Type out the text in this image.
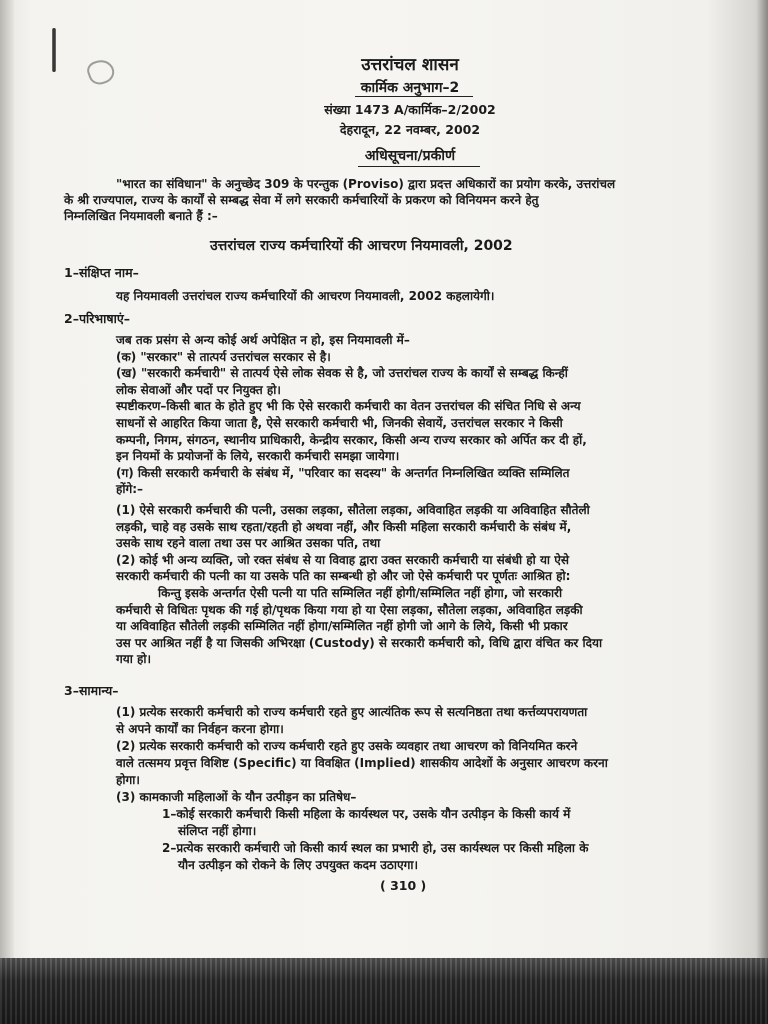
उत्तरांचल शासन
कार्मिक अनुभाग–2
संख्या 1473 A/कार्मिक–2/2002
देहरादून, 22 नवम्बर, 2002
अधिसूचना/प्रकीर्ण
"भारत का संविधान" के अनुच्छेद 309 के परन्तुक (Proviso) द्वारा प्रदत्त अधिकारों का प्रयोग करके, उत्तरांचल
के श्री राज्यपाल, राज्य के कार्यों से सम्बद्ध सेवा में लगे सरकारी कर्मचारियों के प्रकरण को विनियमन करने हेतु
निम्नलिखित नियमावली बनाते हैं :–
उत्तरांचल राज्य कर्मचारियों की आचरण नियमावली, 2002
1–संक्षिप्त नाम–
यह नियमावली उत्तरांचल राज्य कर्मचारियों की आचरण नियमावली, 2002 कहलायेगी।
2–परिभाषाएं–
जब तक प्रसंग से अन्य कोई अर्थ अपेक्षित न हो, इस नियमावली में–
(क) "सरकार" से तात्पर्य उत्तरांचल सरकार से है।
(ख) "सरकारी कर्मचारी" से तात्पर्य ऐसे लोक सेवक से है, जो उत्तरांचल राज्य के कार्यों से सम्बद्ध किन्हीं
लोक सेवाओं और पदों पर नियुक्त हो।
स्पष्टीकरण–किसी बात के होते हुए भी कि ऐसे सरकारी कर्मचारी का वेतन उत्तरांचल की संचित निधि से अन्य
साधनों से आहरित किया जाता है, ऐसे सरकारी कर्मचारी भी, जिनकी सेवायें, उत्तरांचल सरकार ने किसी
कम्पनी, निगम, संगठन, स्थानीय प्राधिकारी, केन्द्रीय सरकार, किसी अन्य राज्य सरकार को अर्पित कर दी हों,
इन नियमों के प्रयोजनों के लिये, सरकारी कर्मचारी समझा जायेगा।
(ग) किसी सरकारी कर्मचारी के संबंध में, "परिवार का सदस्य" के अन्तर्गत निम्नलिखित व्यक्ति सम्मिलित
होंगे:–
(1) ऐसे सरकारी कर्मचारी की पत्नी, उसका लड़का, सौतेला लड़का, अविवाहित लड़की या अविवाहित सौतेली
लड़की, चाहे वह उसके साथ रहता/रहती हो अथवा नहीं, और किसी महिला सरकारी कर्मचारी के संबंध में,
उसके साथ रहने वाला तथा उस पर आश्रित उसका पति, तथा
(2) कोई भी अन्य व्यक्ति, जो रक्त संबंध से या विवाह द्वारा उक्त सरकारी कर्मचारी या संबंधी हो या ऐसे
सरकारी कर्मचारी की पत्नी का या उसके पति का सम्बन्धी हो और जो ऐसे कर्मचारी पर पूर्णतः आश्रित हो:
किन्तु इसके अन्तर्गत ऐसी पत्नी या पति सम्मिलित नहीं होगी/सम्मिलित नहीं होगा, जो सरकारी
कर्मचारी से विधितः पृथक की गई हो/पृथक किया गया हो या ऐसा लड़का, सौतेला लड़का, अविवाहित लड़की
या अविवाहित सौतेली लड़की सम्मिलित नहीं होगा/सम्मिलित नहीं होगी जो आगे के लिये, किसी भी प्रकार
उस पर आश्रित नहीं है या जिसकी अभिरक्षा (Custody) से सरकारी कर्मचारी को, विधि द्वारा वंचित कर दिया
गया हो।
3–सामान्य–
(1) प्रत्येक सरकारी कर्मचारी को राज्य कर्मचारी रहते हुए आत्यंतिक रूप से सत्यनिष्ठता तथा कर्त्तव्यपरायणता
से अपने कार्यों का निर्वहन करना होगा।
(2) प्रत्येक सरकारी कर्मचारी को राज्य कर्मचारी रहते हुए उसके व्यवहार तथा आचरण को विनियमित करने
वाले तत्समय प्रवृत्त विशिष्ट (Specific) या विवक्षित (Implied) शासकीय आदेशों के अनुसार आचरण करना
होगा।
(3) कामकाजी महिलाओं के यौन उत्पीड़न का प्रतिषेध–
1–कोई सरकारी कर्मचारी किसी महिला के कार्यस्थल पर, उसके यौन उत्पीड़न के किसी कार्य में
संलिप्त नहीं होगा।
2–प्रत्येक सरकारी कर्मचारी जो किसी कार्य स्थल का प्रभारी हो, उस कार्यस्थल पर किसी महिला के
यौन उत्पीड़न को रोकने के लिए उपयुक्त कदम उठाएगा।
( 310 )
